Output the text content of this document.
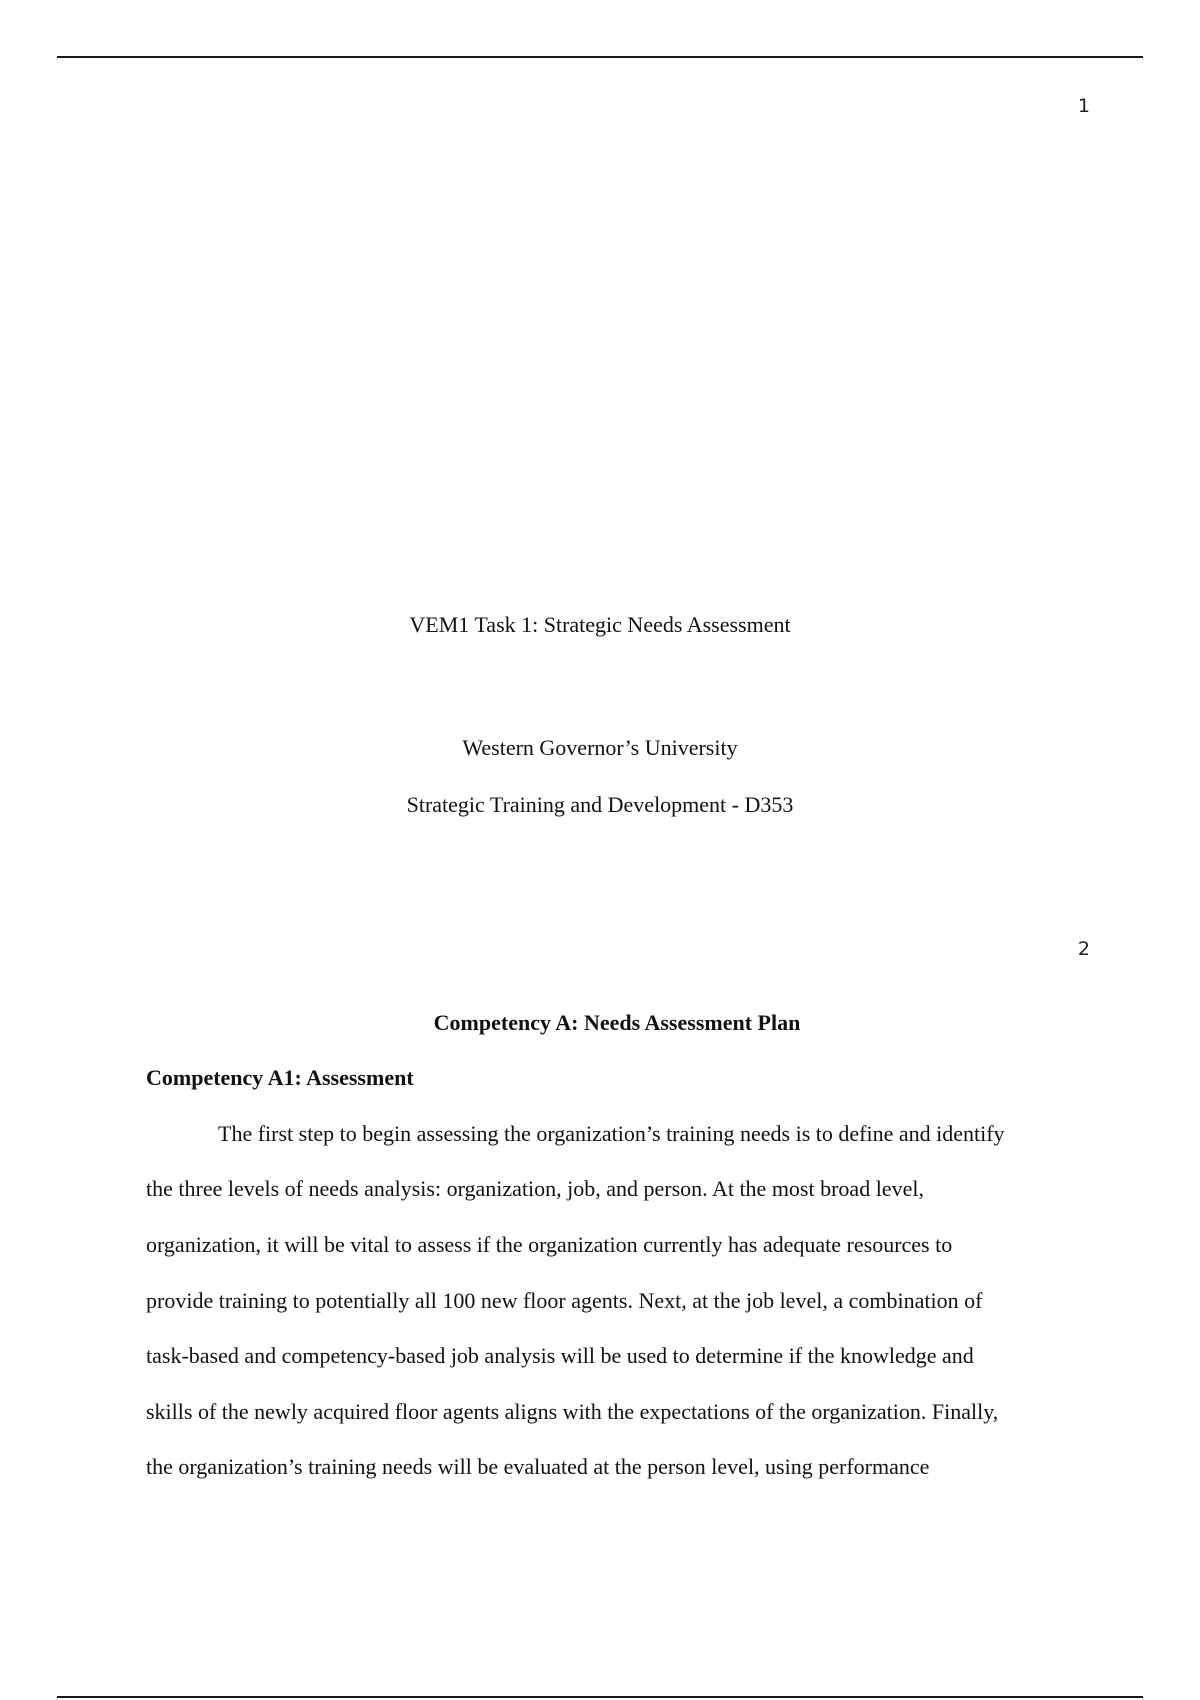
1
VEM1 Task 1: Strategic Needs Assessment
Western Governor’s University
Strategic Training and Development - D353
2
Competency A: Needs Assessment Plan
Competency A1: Assessment
The first step to begin assessing the organization’s training needs is to define and identify
the three levels of needs analysis: organization, job, and person. At the most broad level,
organization, it will be vital to assess if the organization currently has adequate resources to
provide training to potentially all 100 new floor agents. Next, at the job level, a combination of
task-based and competency-based job analysis will be used to determine if the knowledge and
skills of the newly acquired floor agents aligns with the expectations of the organization. Finally,
the organization’s training needs will be evaluated at the person level, using performance
